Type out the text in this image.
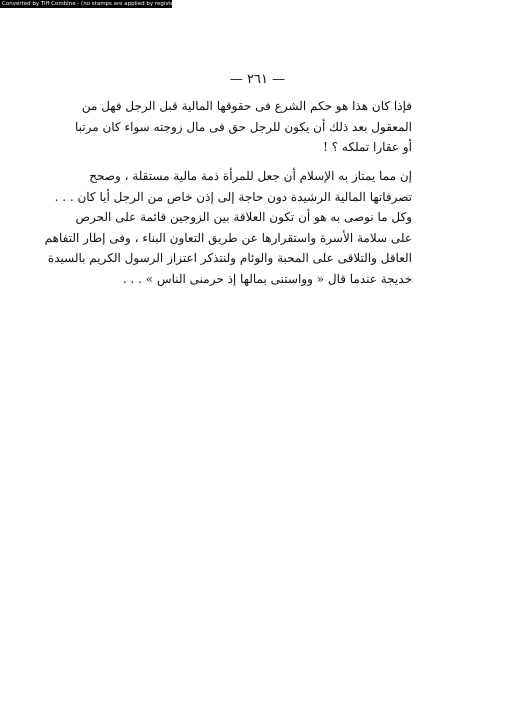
Converted by Tiff Combine - (no stamps are applied by registered version)
— ٢٦١ —
فإذا كان هذا هو حكم الشرع فى حقوقها المالية قبل الرجل فهل من
المعقول بعد ذلك أن يكون للرجل حق فى مال زوجته سواء كان مرتبا
أو عقارا تملكه ؟ !
إن مما يمتاز به الإسلام أن جعل للمرأة ذمة مالية مستقلة ، وصحح
تصرفاتها المالية الرشيدة دون حاجة إلى إذن خاص من الرجل أيا كان . . .
وكل ما نوصى به هو أن تكون العلاقة بين الزوجين قائمة على الحرص
على سلامة الأسرة واستقرارها عن طريق التعاون البناء ، وفى إطار التفاهم
العاقل والتلاقى على المحبة والوئام ولنتذكر اعتزاز الرسول الكريم بالسيدة
خديجة عندما قال « وواستنى بمالها إذ حرمنى الناس » . . .
